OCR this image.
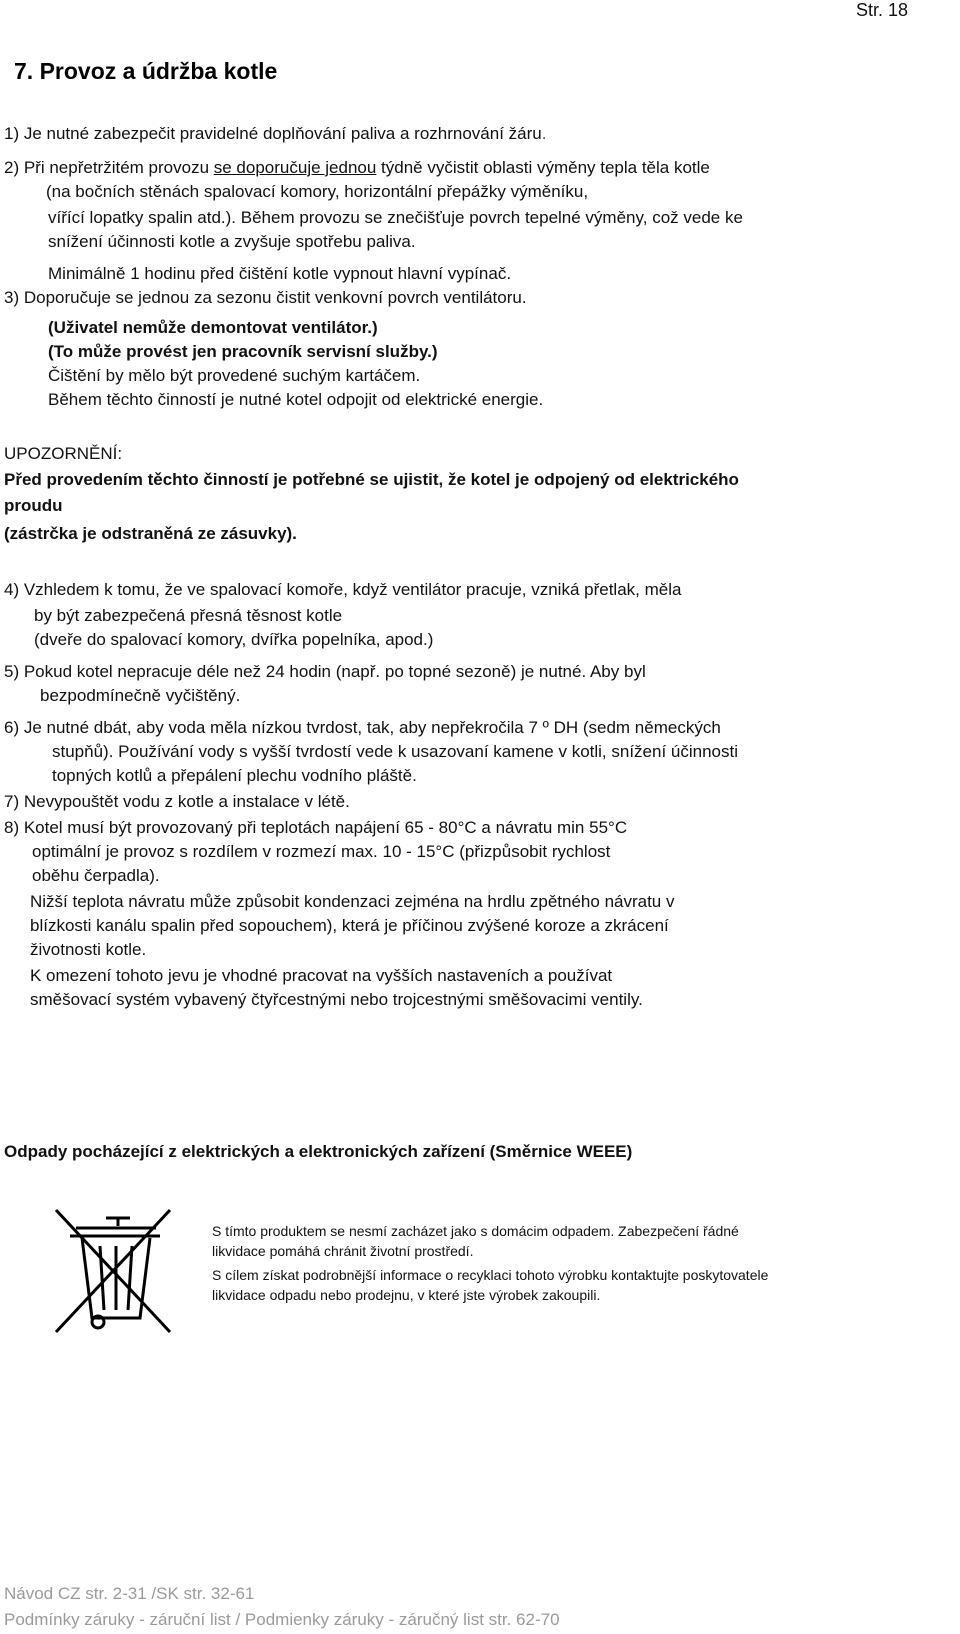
Str. 18
7. Provoz a údržba kotle
1) Je nutné zabezpečit pravidelné doplňování paliva a rozhrnování žáru.
2) Při nepřetržitém provozu se doporučuje jednou týdně vyčistit oblasti výměny tepla těla kotle
(na bočních stěnách spalovací komory, horizontální přepážky výměníku,
vířící lopatky spalin atd.). Během provozu se znečišťuje povrch tepelné výměny, což vede ke
snížení účinnosti kotle a zvyšuje spotřebu paliva.
Minimálně 1 hodinu před čištění kotle vypnout hlavní vypínač.
3) Doporučuje se jednou za sezonu čistit venkovní povrch ventilátoru.
(Uživatel nemůže demontovat ventilátor.)
(To může provést jen pracovník servisní služby.)
Čištění by mělo být provedené suchým kartáčem.
Během těchto činností je nutné kotel odpojit od elektrické energie.
UPOZORNĚNÍ:
Před provedením těchto činností je potřebné se ujistit, že kotel je odpojený od elektrického
proudu
(zástrčka je odstraněná ze zásuvky).
4) Vzhledem k tomu, že ve spalovací komoře, když ventilátor pracuje, vzniká přetlak, měla
by být zabezpečená přesná těsnost kotle
(dveře do spalovací komory, dvířka popelníka, apod.)
5) Pokud kotel nepracuje déle než 24 hodin (např. po topné sezoně) je nutné. Aby byl
bezpodmínečně vyčištěný.
6) Je nutné dbát, aby voda měla nízkou tvrdost, tak, aby nepřekročila 7 º DH (sedm německých
stupňů). Používání vody s vyšší tvrdostí vede k usazovaní kamene v kotli, snížení účinnosti
topných kotlů a přepálení plechu vodního pláště.
7) Nevypouštět vodu z kotle a instalace v létě.
8) Kotel musí být provozovaný při teplotách napájení 65 - 80°C a návratu min 55°C
optimální je provoz s rozdílem v rozmezí max. 10 - 15°C (přizpůsobit rychlost
oběhu čerpadla).
Nižší teplota návratu může způsobit kondenzaci zejména na hrdlu zpětného návratu v
blízkosti kanálu spalin před sopouchem), která je příčinou zvýšené koroze a zkrácení
životnosti kotle.
K omezení tohoto jevu je vhodné pracovat na vyšších nastaveních a používat
směšovací systém vybavený čtyřcestnými nebo trojcestnými směšovacimi ventily.
Odpady pocházející z elektrických a elektronických zařízení (Směrnice WEEE)
S tímto produktem se nesmí zacházet jako s domácim odpadem. Zabezpečení řádné
likvidace pomáhá chránit životní prostředí.
S cílem získat podrobnější informace o recyklaci tohoto výrobku kontaktujte poskytovatele
likvidace odpadu nebo prodejnu, v které jste výrobek zakoupili.
Návod CZ str. 2-31 /SK str. 32-61
Podmínky záruky - záruční list / Podmienky záruky - záručný list str. 62-70
